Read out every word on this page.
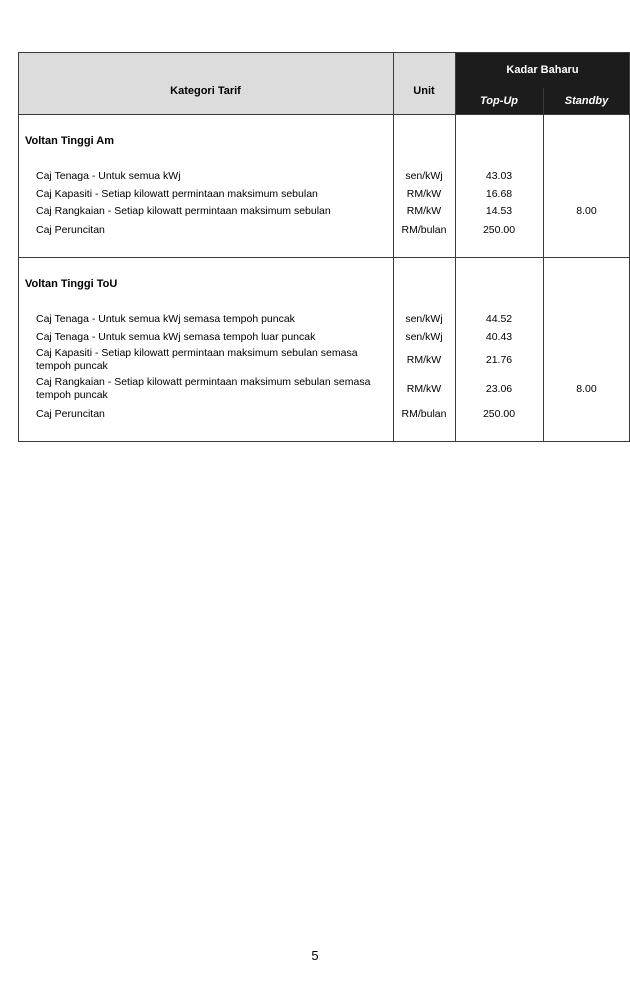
Kadar Baharu
Top-Up	Standby
Kategori Tarif	Unit
Voltan Tinggi Am
Caj Tenaga - Untuk semua kWj	sen/kWj	43.03
Caj Kapasiti - Setiap kilowatt permintaan maksimum sebulan	RM/kW	16.68
Caj Rangkaian - Setiap kilowatt permintaan maksimum sebulan	RM/kW	14.53	8.00
Caj Peruncitan	RM/bulan	250.00
Voltan Tinggi ToU
Caj Tenaga - Untuk semua kWj semasa tempoh puncak	sen/kWj	44.52
Caj Tenaga - Untuk semua kWj semasa tempoh luar puncak	sen/kWj	40.43
Caj Kapasiti - Setiap kilowatt permintaan maksimum sebulan semasa tempoh puncak	RM/kW	21.76
Caj Rangkaian - Setiap kilowatt permintaan maksimum sebulan semasa tempoh puncak	RM/kW	23.06	8.00
Caj Peruncitan	RM/bulan	250.00
5
